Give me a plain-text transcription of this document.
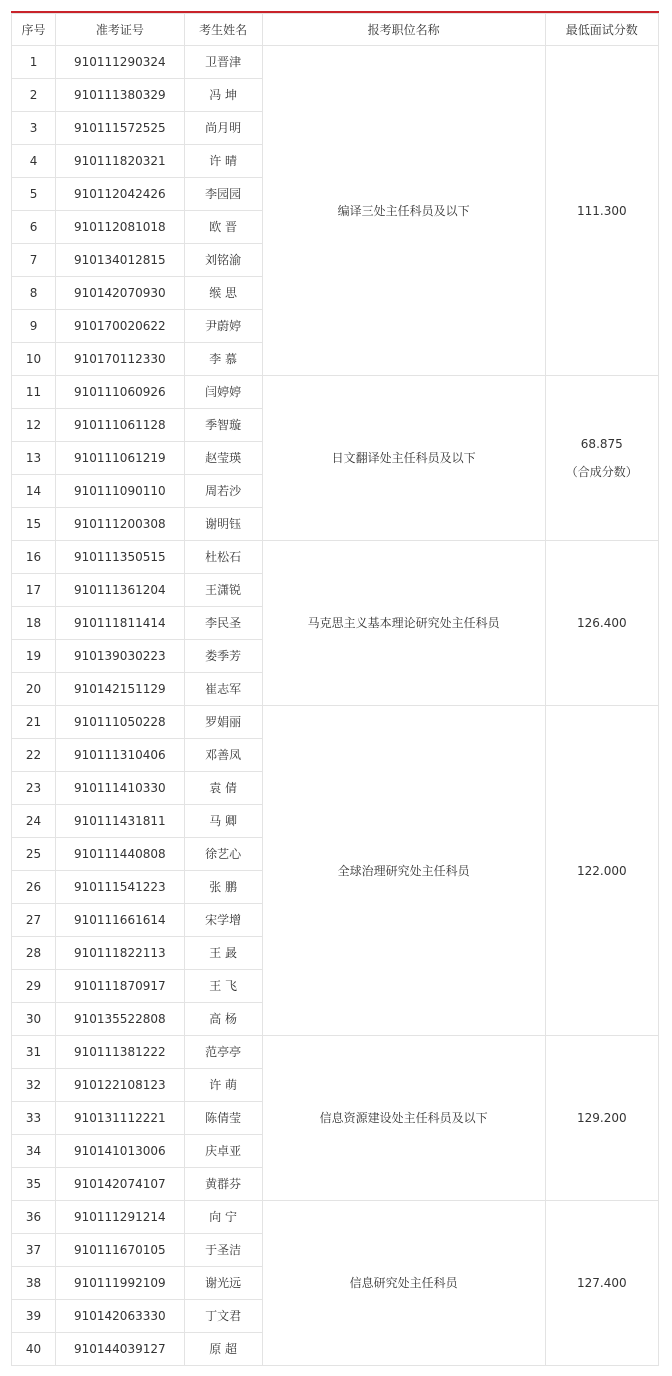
序号	准考证号	考生姓名	报考职位名称	最低面试分数
1	910111290324	卫晋津	编译三处主任科员及以下	111.300
2	910111380329	冯 坤		
3	910111572525	尚月明		
4	910111820321	许 晴		
5	910112042426	李园园		
6	910112081018	欧 晋		
7	910134012815	刘铭渝		
8	910142070930	缑 思		
9	910170020622	尹蔚婷		
10	910170112330	李 慕		
11	910111060926	闫婷婷	日文翻译处主任科员及以下	68.875
（合成分数）

12	910111061128	季智璇		
13	910111061219	赵莹瑛		
14	910111090110	周若沙		
15	910111200308	谢明钰		
16	910111350515	杜松石	马克思主义基本理论研究处主任科员	126.400
17	910111361204	王潇锐		
18	910111811414	李民圣		
19	910139030223	娄季芳		
20	910142151129	崔志军		
21	910111050228	罗娟丽	全球治理研究处主任科员	122.000
22	910111310406	邓善凤		
23	910111410330	袁 倩		
24	910111431811	马 卿		
25	910111440808	徐艺心		
26	910111541223	张 鹏		
27	910111661614	宋学增		
28	910111822113	王 晸		
29	910111870917	王 飞		
30	910135522808	高 杨		
31	910111381222	范亭亭	信息资源建设处主任科员及以下	129.200
32	910122108123	许 萌		
33	910131112221	陈倩莹		
34	910141013006	庆卓亚		
35	910142074107	黄群芬		
36	910111291214	向 宁	信息研究处主任科员	127.400
37	910111670105	于圣洁		
38	910111992109	谢光远		
39	910142063330	丁文君		
40	910144039127	原 超		
